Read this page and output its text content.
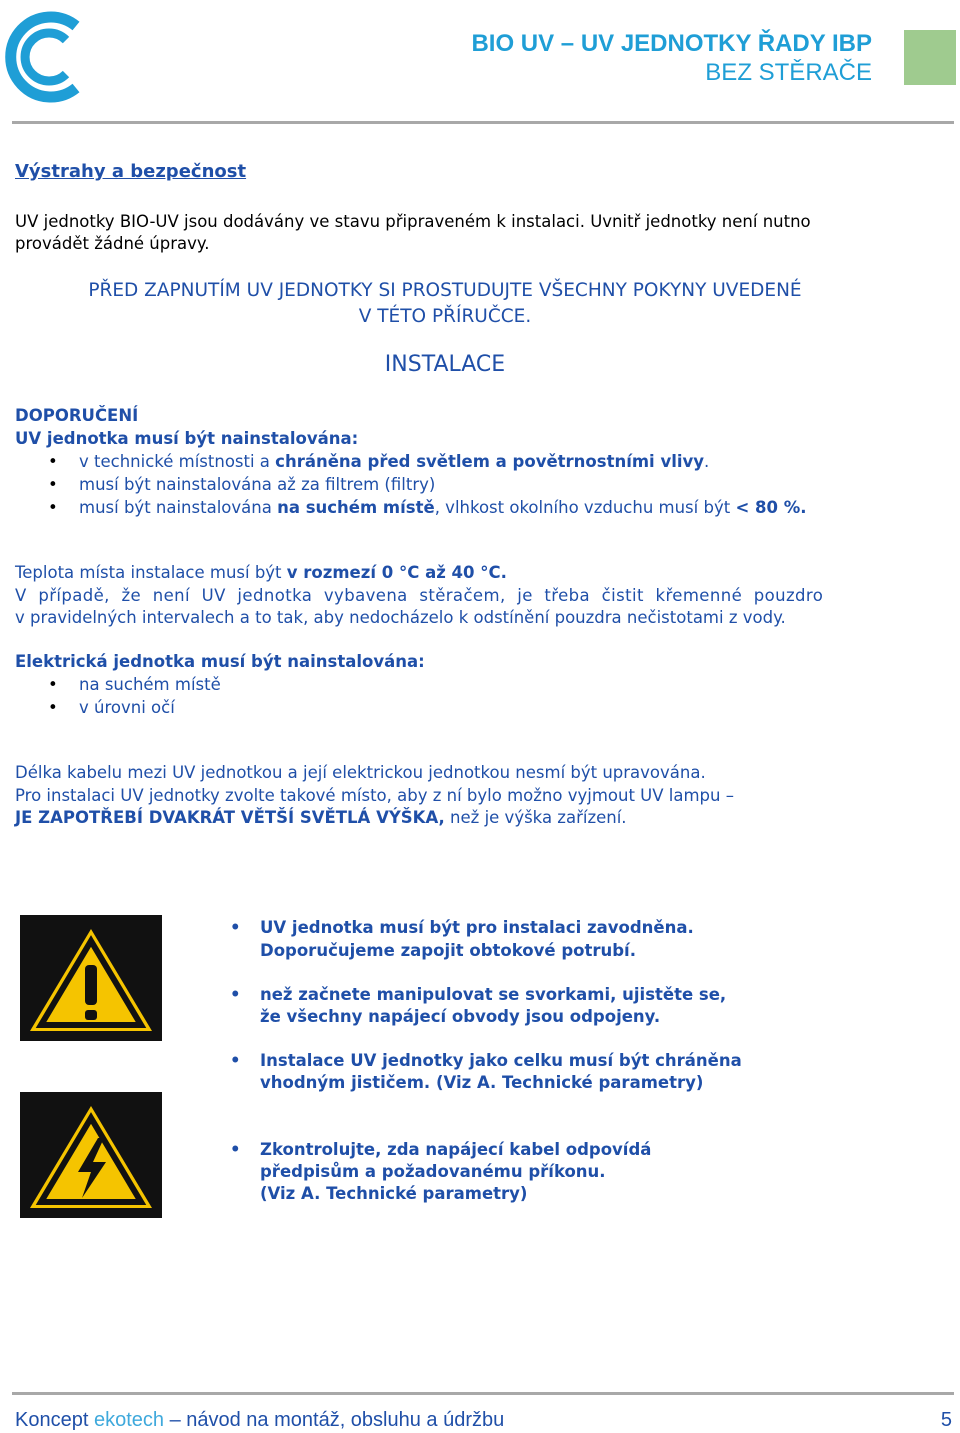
BIO UV – UV JEDNOTKY ŘADY IBP
BEZ STĚRAČE
Výstrahy a bezpečnost
UV jednotky BIO-UV jsou dodávány ve stavu připraveném k instalaci. Uvnitř jednotky není nutno
provádět žádné úpravy.
PŘED ZAPNUTÍM UV JEDNOTKY SI PROSTUDUJTE VŠECHNY POKYNY UVEDENÉ
V TÉTO PŘÍRUČCE.
INSTALACE
DOPORUČENÍ
UV jednotka musí být nainstalována:
• v technické místnosti a chráněna před světlem a povětrnostními vlivy.
• musí být nainstalována až za filtrem (filtry)
• musí být nainstalována na suchém místě, vlhkost okolního vzduchu musí být < 80 %.
Teplota místa instalace musí být v rozmezí 0 °C až 40 °C.
V případě, že není UV jednotka vybavena stěračem, je třeba čistit křemenné pouzdro
v pravidelných intervalech a to tak, aby nedocházelo k odstínění pouzdra nečistotami z vody.
Elektrická jednotka musí být nainstalována:
• na suchém místě
• v úrovni očí
Délka kabelu mezi UV jednotkou a její elektrickou jednotkou nesmí být upravována.
Pro instalaci UV jednotky zvolte takové místo, aby z ní bylo možno vyjmout UV lampu –
JE ZAPOTŘEBÍ DVAKRÁT VĚTŠÍ SVĚTLÁ VÝŠKA, než je výška zařízení.
• UV jednotka musí být pro instalaci zavodněna.
Doporučujeme zapojit obtokové potrubí.
• než začnete manipulovat se svorkami, ujistěte se,
že všechny napájecí obvody jsou odpojeny.
• Instalace UV jednotky jako celku musí být chráněna
vhodným jističem. (Viz A. Technické parametry)
• Zkontrolujte, zda napájecí kabel odpovídá
předpisům a požadovanému příkonu.
(Viz A. Technické parametry)
Koncept ekotech – návod na montáž, obsluhu a údržbu	5
